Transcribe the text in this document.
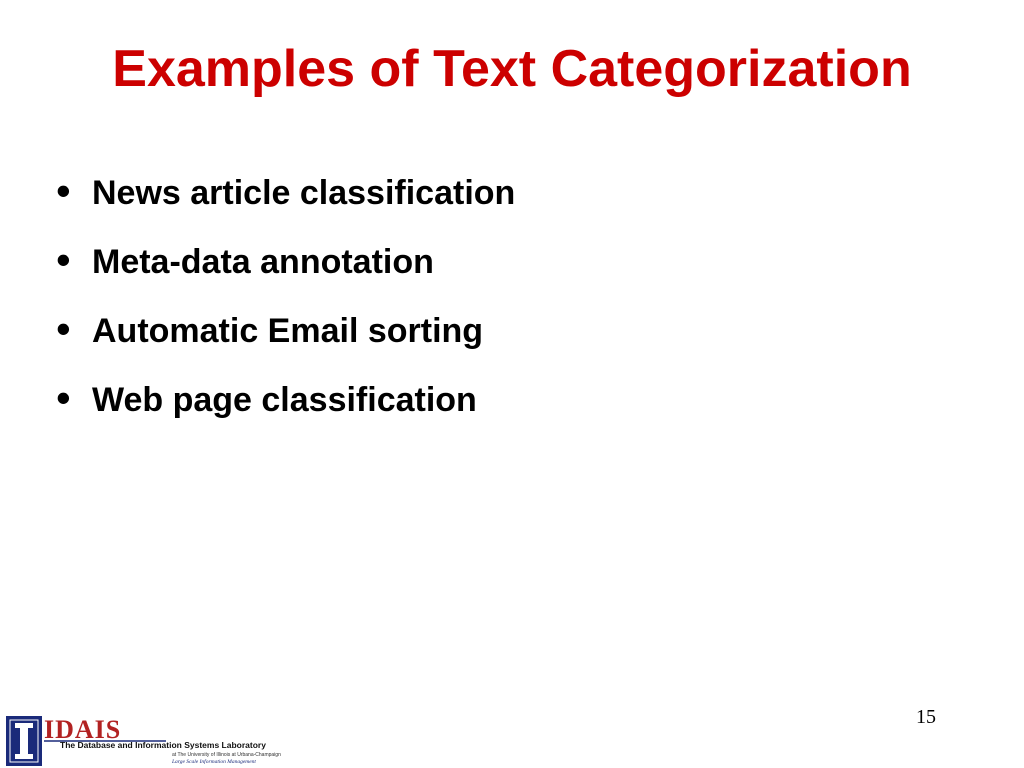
Examples of Text Categorization
• News article classification
• Meta-data annotation
• Automatic Email sorting
• Web page classification
15
IDAIS
The Database and Information Systems Laboratory
at The University of Illinois at Urbana-Champaign
Large Scale Information Management
